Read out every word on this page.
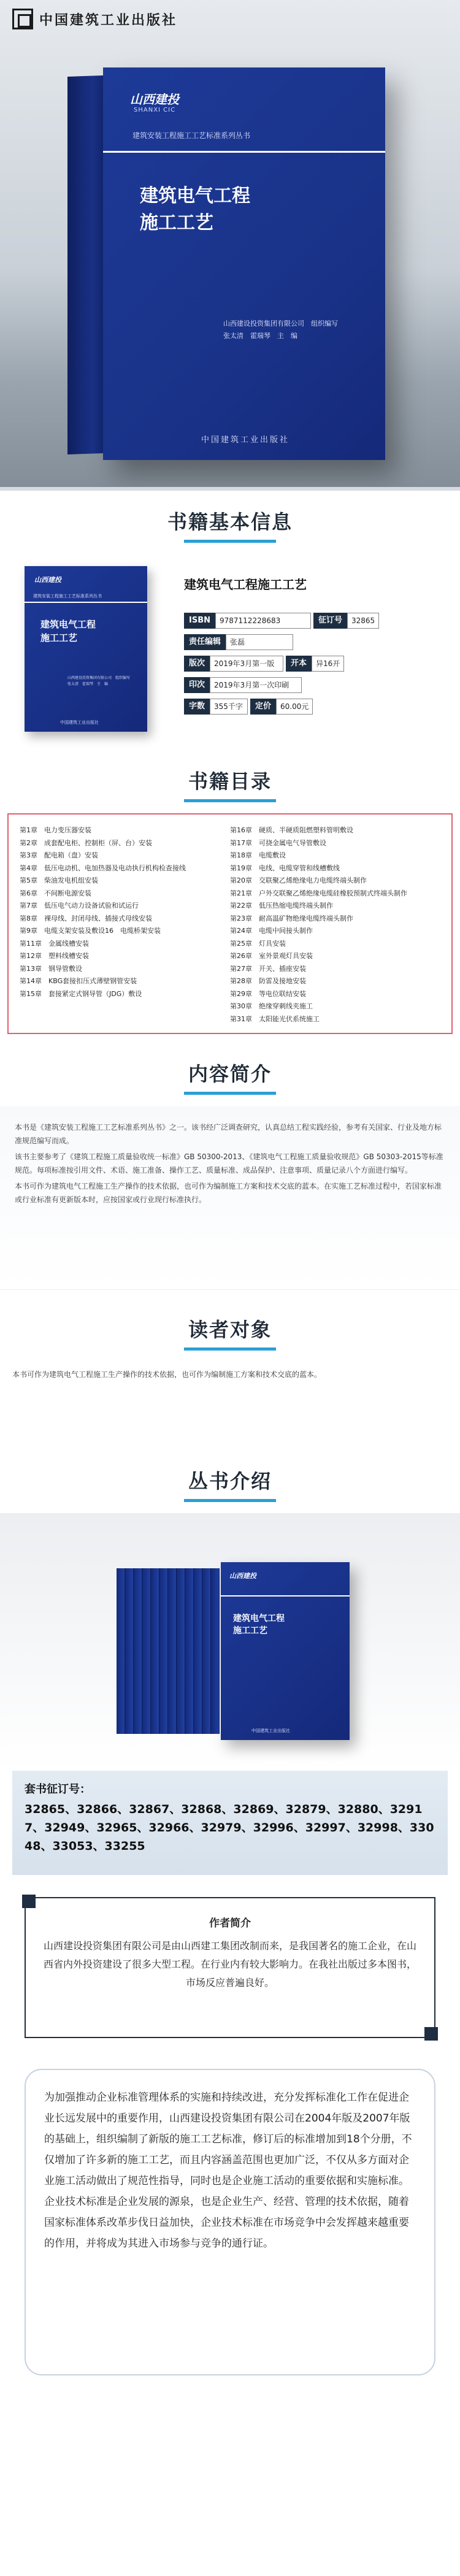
中国建筑工业出版社
山西建投
SHANXI CIC
建筑安装工程施工工艺标准系列丛书
建筑电气工程
施工工艺
山西建设投资集团有限公司　组织编写
张太清　霍瑞琴　主　编
中国建筑工业出版社
书籍基本信息
山西建投
建筑安装工程施工工艺标准系列丛书
建筑电气工程
施工工艺
山西建设投资集团有限公司　组织编写
张太清　霍瑞琴　主　编
中国建筑工业出版社
建筑电气工程施工工艺
ISBN	9787112228683	征订号	32865
责任编辑	张磊
版次	2019年3月第一版	开本	异16开
印次	2019年3月第一次印刷
字数	355千字	定价	60.00元
书籍目录
第1章　电力变压器安装
第2章　成套配电柜、控制柜（屏、台）安装
第3章　配电箱（盘）安装
第4章　低压电动机、电加热器及电动执行机构检查接线
第5章　柴油发电机组安装
第6章　不间断电源安装
第7章　低压电气动力设备试验和试运行
第8章　裸母线、封闭母线、插接式母线安装
第9章　电缆支架安装及敷设16　电缆桥架安装
第11章　金属线槽安装
第12章　塑料线槽安装
第13章　钢导管敷设
第14章　KBG套接扣压式薄壁钢管安装
第15章　套接紧定式钢导管（JDG）敷设
第16章　硬质、半硬质阻燃塑料管明敷设
第17章　可挠金属电气导管敷设
第18章　电缆敷设
第19章　电线、电缆穿管和线槽敷线
第20章　交联聚乙烯绝缘电力电缆终端头制作
第21章　户外交联聚乙烯绝缘电缆硅橡胶预制式终端头制作
第22章　低压热缩电缆终端头制作
第23章　耐高温矿物绝缘电缆终端头制作
第24章　电缆中间接头制作
第25章　灯具安装
第26章　室外景观灯具安装
第27章　开关、插座安装
第28章　防雷及接地安装
第29章　等电位联结安装
第30章　绝缘穿刺线夹施工
第31章　太阳能光伏系统施工
内容简介

本书是《建筑安装工程施工工艺标准系列丛书》之一。该书经广泛调查研究，认真总结工程实践经验，参考有关国家、行业及地方标准规范编写而成。

该书主要参考了《建筑工程施工质量验收统一标准》GB 50300-2013、《建筑电气工程施工质量验收规范》GB 50303-2015等标准规范。每项标准按引用文件、术语、施工准备、操作工艺、质量标准、成品保护、注意事项、质量记录八个方面进行编写。

本书可作为建筑电气工程施工生产操作的技术依据，也可作为编制施工方案和技术交底的蓝本。在实施工艺标准过程中，若国家标准或行业标准有更新版本时，应按国家或行业现行标准执行。

读者对象

本书可作为建筑电气工程施工生产操作的技术依据，也可作为编制施工方案和技术交底的蓝本。

丛书介绍
山西建投
建筑电气工程
施工工艺
中国建筑工业出版社
套书征订号：
32865、32866、32867、32868、32869、32879、32880、32917、32949、32965、32966、32979、32996、32997、32998、33048、33053、33255
作者简介

山西建设投资集团有限公司是由山西建工集团改制而来，是我国著名的施工企业，在山西省内外投资建设了很多大型工程。在行业内有较大影响力。在我社出版过多本图书，市场反应普遍良好。

为加强推动企业标准管理体系的实施和持续改进，充分发挥标准化工作在促进企业长远发展中的重要作用，山西建设投资集团有限公司在2004年版及2007年版的基础上，组织编制了新版的施工工艺标准，修订后的标准增加到18个分册，不仅增加了许多新的施工工艺，而且内容涵盖范围也更加广泛，不仅从多方面对企业施工活动做出了规范性指导，同时也是企业施工活动的重要依据和实施标准。企业技术标准是企业发展的源泉，也是企业生产、经营、管理的技术依据，随着国家标准体系改革步伐日益加快，企业技术标准在市场竞争中会发挥越来越重要的作用，并将成为其进入市场参与竞争的通行证。
